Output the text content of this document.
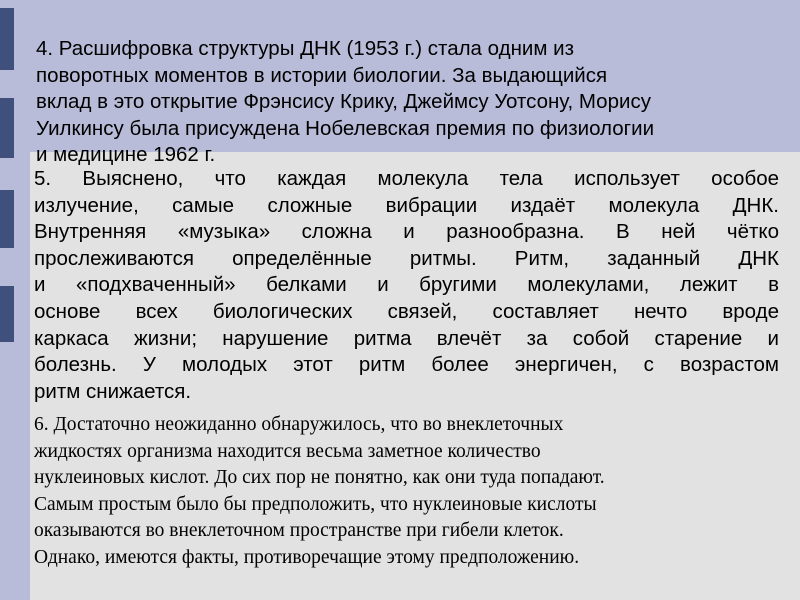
4. Расшифровка структуры ДНК (1953 г.) стала одним из
поворотных моментов в истории биологии. За выдающийся
вклад в это открытие Фрэнсису Крику, Джеймсу Уотсону, Морису
Уилкинсу была присуждена Нобелевская премия по физиологии
и медицине 1962 г.
5. Выяснено, что каждая молекула тела использует особое
излучение, самые сложные вибрации издаёт молекула ДНК.
Внутренняя «музыка» сложна и разнообразна. В ней чётко
прослеживаются определённые ритмы. Ритм, заданный ДНК
и «подхваченный» белками и бругими молекулами, лежит в
основе всех биологических связей, составляет нечто вроде
каркаса жизни; нарушение ритма влечёт за собой старение и
болезнь. У молодых этот ритм более энергичен, с возрастом
ритм снижается.
6. Достаточно неожиданно обнаружилось, что во внеклеточных
жидкостях организма находится весьма заметное количество
нуклеиновых кислот. До сих пор не понятно, как они туда попадают.
Самым простым было бы предположить, что нуклеиновые кислоты
оказываются во внеклеточном пространстве при гибели клеток.
Однако, имеются факты, противоречащие этому предположению.
